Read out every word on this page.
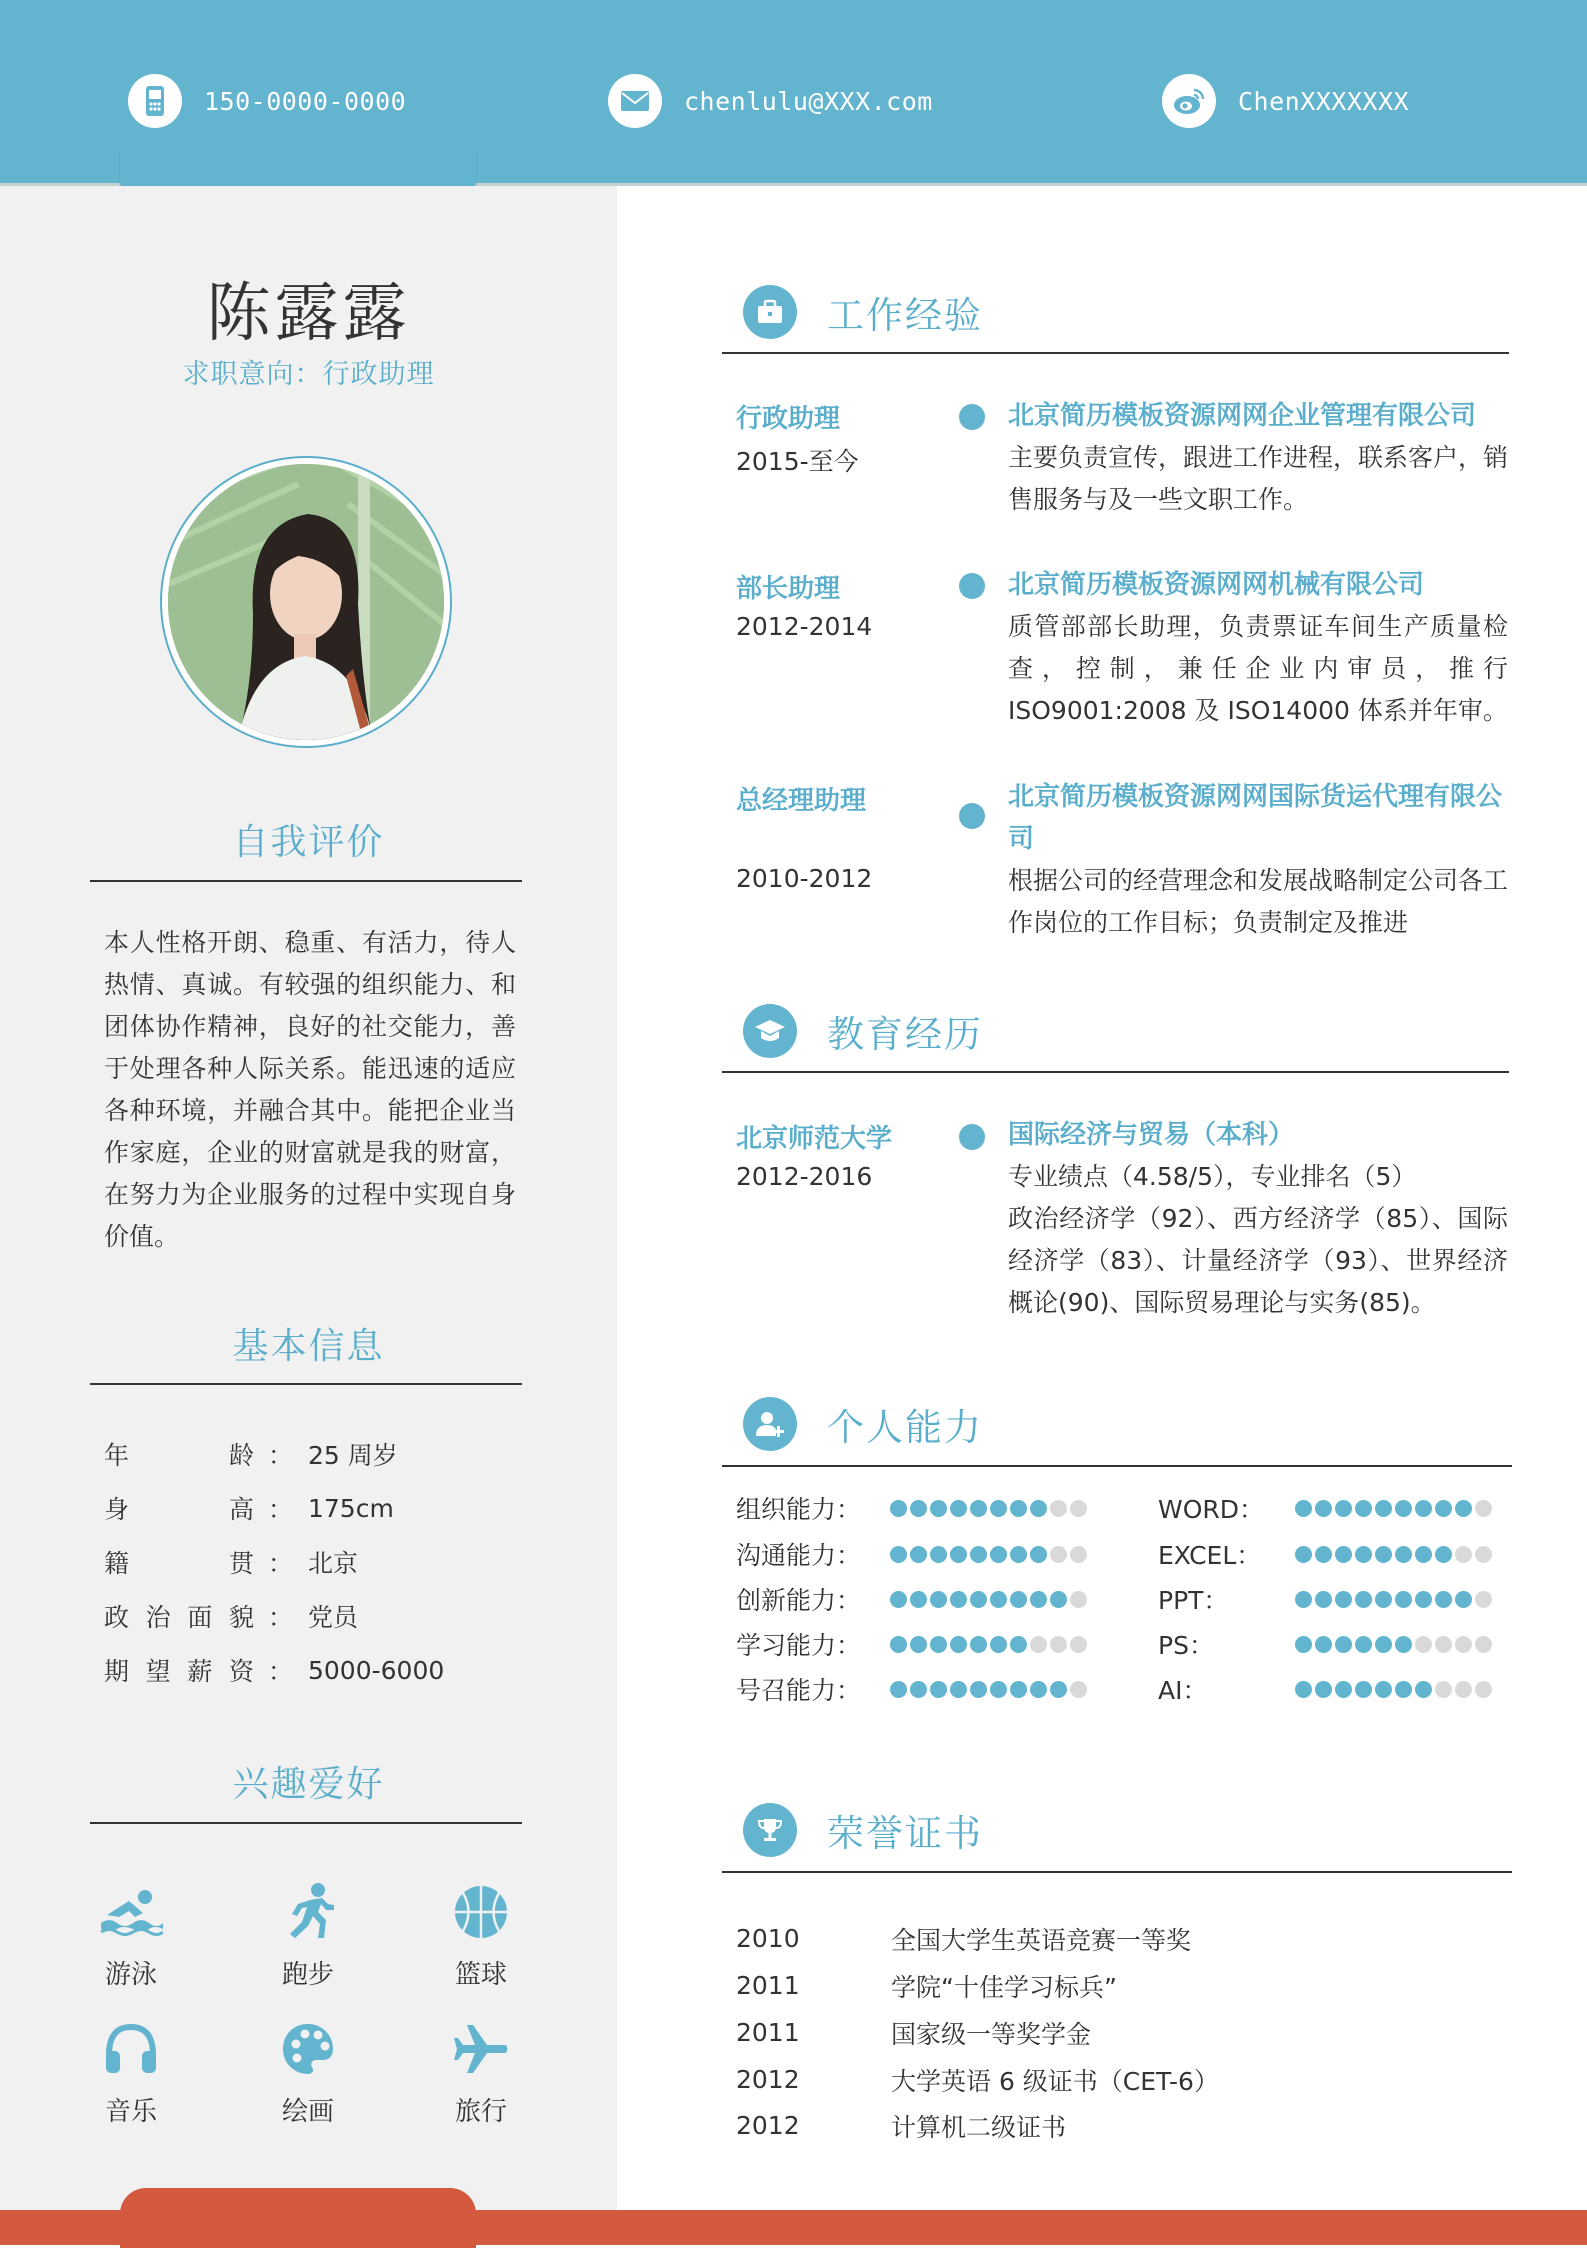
150-0000-0000	chenlulu@XXX.com	ChenXXXXXXX
陈露露
求职意向：行政助理
自我评价
本人性格开朗、稳重、有活力，待人热情、真诚。有较强的组织能力、和团体协作精神，良好的社交能力，善于处理各种人际关系。能迅速的适应各种环境，并融合其中。能把企业当作家庭，企业的财富就是我的财富，在努力为企业服务的过程中实现自身价值。
基本信息
年	龄 ： 25 周岁
身	高 ： 175cm
籍	贯 ： 北京
政 治 面 貌 ： 党员
期 望 薪 资 ： 5000-6000
兴趣爱好
游泳	跑步	篮球
音乐	绘画	旅行
工作经验
行政助理
2015-至今
北京简历模板资源网网企业管理有限公司
主要负责宣传，跟进工作进程，联系客户，销售服务与及一些文职工作。
部长助理
2012-2014
北京简历模板资源网网机械有限公司
质管部部长助理，负责票证车间生产质量检查，控制，兼任企业内审员，推行ISO9001:2008 及 ISO14000 体系并年审。
总经理助理
2010-2012
北京简历模板资源网网国际货运代理有限公司
根据公司的经营理念和发展战略制定公司各工作岗位的工作目标；负责制定及推进
教育经历
北京师范大学
2012-2016
国际经济与贸易（本科）
专业绩点（4.58/5），专业排名（5）
政治经济学（92）、西方经济学（85）、国际经济学（83）、计量经济学（93）、世界经济概论(90)、国际贸易理论与实务(85)。
个人能力
组织能力：
沟通能力：
创新能力：
学习能力：
号召能力：
WORD：
EXCEL：
PPT：
PS：
AI：
荣誉证书
2010	全国大学生英语竞赛一等奖
2011	学院“十佳学习标兵”
2011	国家级一等奖学金
2012	大学英语 6 级证书（CET-6）
2012	计算机二级证书
